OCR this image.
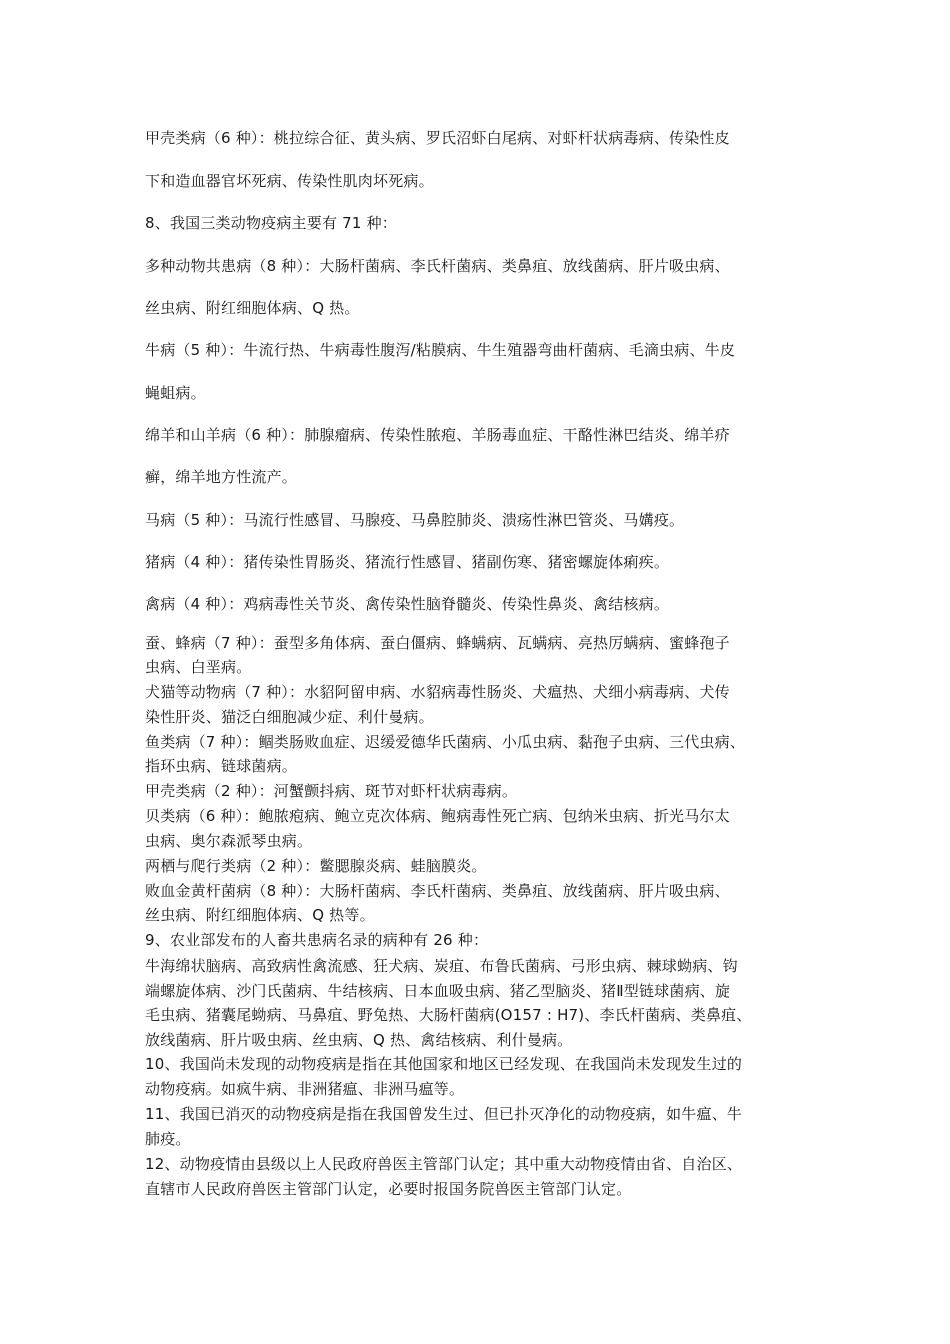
甲壳类病（6 种）：桃拉综合征、黄头病、罗氏沼虾白尾病、对虾杆状病毒病、传染性皮
下和造血器官坏死病、传染性肌肉坏死病。
8、我国三类动物疫病主要有 71 种：
多种动物共患病（8 种）：大肠杆菌病、李氏杆菌病、类鼻疽、放线菌病、肝片吸虫病、
丝虫病、附红细胞体病、Q 热。
牛病（5 种）：牛流行热、牛病毒性腹泻/粘膜病、牛生殖器弯曲杆菌病、毛滴虫病、牛皮
蝇蛆病。
绵羊和山羊病（6 种）：肺腺瘤病、传染性脓疱、羊肠毒血症、干酪性淋巴结炎、绵羊疥
癣，绵羊地方性流产。
马病（5 种）：马流行性感冒、马腺疫、马鼻腔肺炎、溃疡性淋巴管炎、马媾疫。
猪病（4 种）：猪传染性胃肠炎、猪流行性感冒、猪副伤寒、猪密螺旋体痢疾。
禽病（4 种）：鸡病毒性关节炎、禽传染性脑脊髓炎、传染性鼻炎、禽结核病。
蚕、蜂病（7 种）：蚕型多角体病、蚕白僵病、蜂螨病、瓦螨病、亮热厉螨病、蜜蜂孢子
虫病、白垩病。
犬猫等动物病（7 种）：水貂阿留申病、水貂病毒性肠炎、犬瘟热、犬细小病毒病、犬传
染性肝炎、猫泛白细胞减少症、利什曼病。
鱼类病（7 种）：鲴类肠败血症、迟缓爱德华氏菌病、小瓜虫病、黏孢子虫病、三代虫病、
指环虫病、链球菌病。
甲壳类病（2 种）：河蟹颤抖病、斑节对虾杆状病毒病。
贝类病（6 种）：鲍脓疱病、鲍立克次体病、鲍病毒性死亡病、包纳米虫病、折光马尔太
虫病、奥尔森派琴虫病。
两栖与爬行类病（2 种）：鳖腮腺炎病、蛙脑膜炎。
败血金黄杆菌病（8 种）：大肠杆菌病、李氏杆菌病、类鼻疽、放线菌病、肝片吸虫病、
丝虫病、附红细胞体病、Q 热等。
9、农业部发布的人畜共患病名录的病种有 26 种：
牛海绵状脑病、高致病性禽流感、狂犬病、炭疽、布鲁氏菌病、弓形虫病、棘球蚴病、钩
端螺旋体病、沙门氏菌病、牛结核病、日本血吸虫病、猪乙型脑炎、猪Ⅱ型链球菌病、旋
毛虫病、猪囊尾蚴病、马鼻疽、野兔热、大肠杆菌病(O157 : H7)、李氏杆菌病、类鼻疽、
放线菌病、肝片吸虫病、丝虫病、Q 热、禽结核病、利什曼病。
10、我国尚未发现的动物疫病是指在其他国家和地区已经发现、在我国尚未发现发生过的
动物疫病。如疯牛病、非洲猪瘟、非洲马瘟等。
11、我国已消灭的动物疫病是指在我国曾发生过、但已扑灭净化的动物疫病，如牛瘟、牛
肺疫。
12、动物疫情由县级以上人民政府兽医主管部门认定；其中重大动物疫情由省、自治区、
直辖市人民政府兽医主管部门认定，必要时报国务院兽医主管部门认定。
